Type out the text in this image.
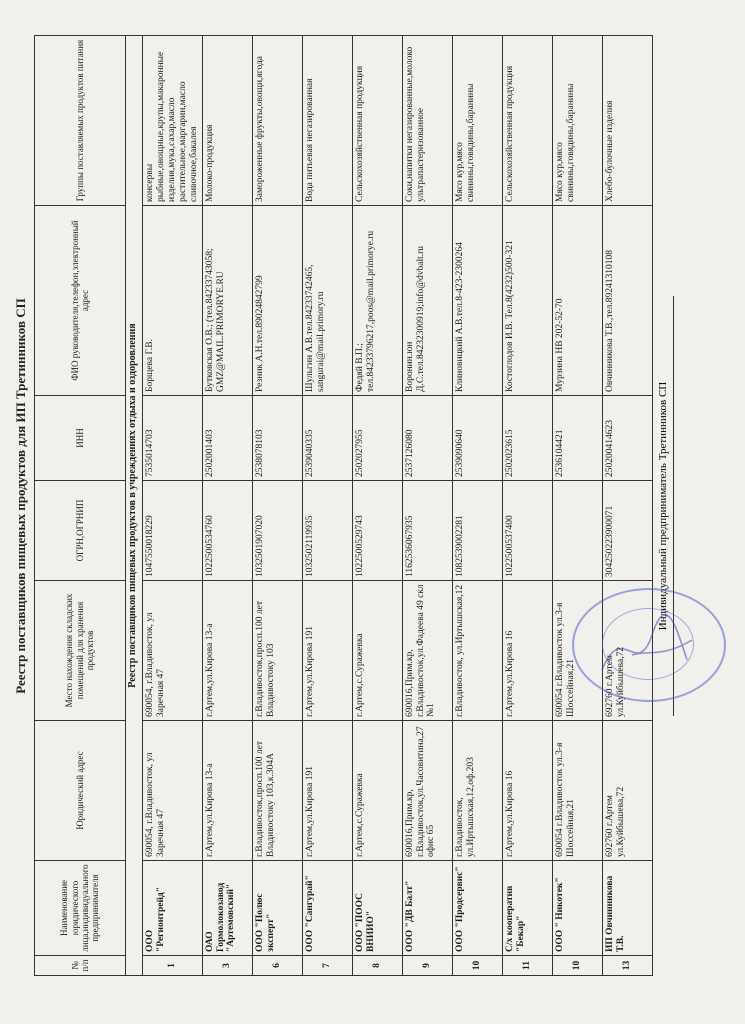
Реестр поставщиков пищевых продуктов для ИП Третинников СП
№ п/п	Наименование юридического лица,индивидуального предпринимателя	Юридический адрес	Место нахождения складских помещений для хранения продуктов	ОГРН,ОГРНИП	ИНН	ФИО руководителя,телефон,электронный адрес	Группы поставляемых продуктов питания
Реестр поставщиков пищевых продуктов в учреждениях отдыха и оздоровления							
1	ООО "Регионтрейд"	690054, г.Владивосток, ул Заречная 47	690054, г.Владивосток, ул Заречная 47	1047550018229	7535014703	Борщева Г.В.	консервы рыбные,овощные,крупы,макаронные изделия,мука,сахар,масло растительное,маргарин,масло сливочное,бакалея
3	ОАО Гормолокозавод "Артемовский"	г.Артем,ул.Кирова 13-а	г.Артем,ул.Кирова 13-а	1022500534760	2502001403	Бутковская О.В.; (тел.84233743058; GMZ@MAIL.PRIMORYE.RU	Молоко-продукция
6	ООО "Полюс эксперт"	г.Владивосток,просп.100 лет Владивостоку 103,к.304А	г.Владивосток,просп.100 лет Владивостоку 103	1032501907020	2538078103	Резник А.Н.тел.89024842799	Замороженные фрукты,овощи,ягода
7	ООО "Сангурай"	г.Артем,ул.Кирова 191	г.Артем,ул.Кирова 191	1032502119935	2539040335	Шульгин А.В.тел.84233742465, sangurai@mail.primory.ru	Вода питьевая негазированная
8	ООО "ПООС ВНИИО"	г.Артем,с.Суражевка	г.Артем,с.Суражевка	1022500529743	2502027955	Федяй В.П.; тел.84233796217,poos@mail.primorye.ru	Сельскохозяйственная продукция
9	ООО "ДВ Балт"	690016,Прим.кр, г.Владивосток,ул.Часовитина,27 офис 65	690016,Прим.кр, г.Владивосток,ул.Фадеева 49 скл №1	1162536067935	2537126080	Воронин.юн Д.С.тел.84232300919;info@dvbalt.ru	Соки,напитки негазированные,молоко ультрапастеризованное
10	ООО "Продсервис"	г.Владивосток, ул.Иртышская,12,оф.203	г.Владивосток, ул.Иртышская,12	1082539002281	2539090640	Клиновицкий А.В.тел.8-423-2300264	Мясо кур,мясо свинины,говядины,баранины
11	С/х кооператив "Бекар"	г.Артем,ул.Кирова 16	г.Артем,ул.Кирова 16	1022500537400	2502023615	Костоглодов И.В. Тел.8(4232)500-321	Сельскохозяйственная продукция
10	ООО " Никотек"	690054 г.Владивосток ул.3-я Шоссейная,21	690054 г.Владивосток ул.3-я Шоссейная,21		2536104421	Мурзина НВ 202-52-70	Мясо кур,мясо свинины,говядины,баранины
13	ИП Овчинникова Т.В.	692760 г.Артем ул.Куйбышева,72	692760 г.Артем ул.Куйбышева,72	304250223900071	250200414623	Овчинникова Т.В.,тел.89241310108	Хлебо-булочные изделия
Индивидуальный предприниматель Третинников СП
